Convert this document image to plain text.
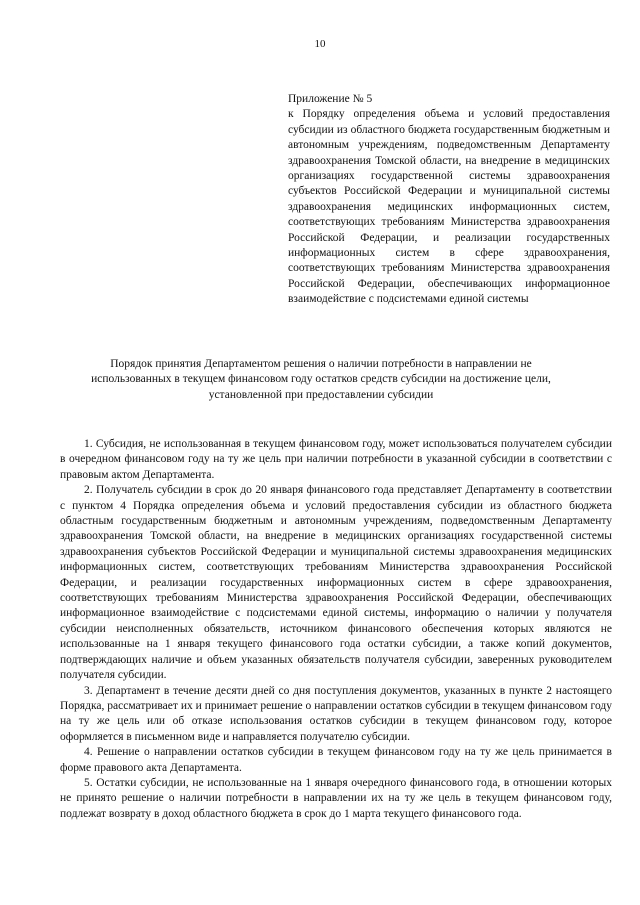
10
Приложение № 5
к Порядку определения объема и условий предоставления субсидии из областного бюджета государственным бюджетным и автономным учреждениям, подведомственным Департаменту здравоохранения Томской области, на внедрение в медицинских организациях государственной системы здравоохранения субъектов Российской Федерации и муниципальной системы здравоохранения медицинских информационных систем, соответствующих требованиям Министерства здравоохранения Российской Федерации, и реализации государственных информационных систем в сфере здравоохранения, соответствующих требованиям Министерства здравоохранения Российской Федерации, обеспечивающих информационное взаимодействие с подсистемами единой системы
Порядок принятия Департаментом решения о наличии потребности в направлении не
использованных в текущем финансовом году остатков средств субсидии на достижение цели,
установленной при предоставлении субсидии

1. Субсидия, не использованная в текущем финансовом году, может использоваться получателем субсидии в очередном финансовом году на ту же цель при наличии потребности в указанной субсидии в соответствии с правовым актом Департамента.

2. Получатель субсидии в срок до 20 января финансового года представляет Департаменту в соответствии с пунктом 4 Порядка определения объема и условий предоставления субсидии из областного бюджета областным государственным бюджетным и автономным учреждениям, подведомственным Департаменту здравоохранения Томской области, на внедрение в медицинских организациях государственной системы здравоохранения субъектов Российской Федерации и муниципальной системы здравоохранения медицинских информационных систем, соответствующих требованиям Министерства здравоохранения Российской Федерации, и реализации государственных информационных систем в сфере здравоохранения, соответствующих требованиям Министерства здравоохранения Российской Федерации, обеспечивающих информационное взаимодействие с подсистемами единой системы, информацию о наличии у получателя субсидии неисполненных обязательств, источником финансового обеспечения которых являются не использованные на 1 января текущего финансового года остатки субсидии, а также копий документов, подтверждающих наличие и объем указанных обязательств получателя субсидии, заверенных руководителем получателя субсидии.

3. Департамент в течение десяти дней со дня поступления документов, указанных в пункте 2 настоящего Порядка, рассматривает их и принимает решение о направлении остатков субсидии в текущем финансовом году на ту же цель или об отказе использования остатков субсидии в текущем финансовом году, которое оформляется в письменном виде и направляется получателю субсидии.

4. Решение о направлении остатков субсидии в текущем финансовом году на ту же цель принимается в форме правового акта Департамента.

5. Остатки субсидии, не использованные на 1 января очередного финансового года, в отношении которых не принято решение о наличии потребности в направлении их на ту же цель в текущем финансовом году, подлежат возврату в доход областного бюджета в срок до 1 марта текущего финансового года.
